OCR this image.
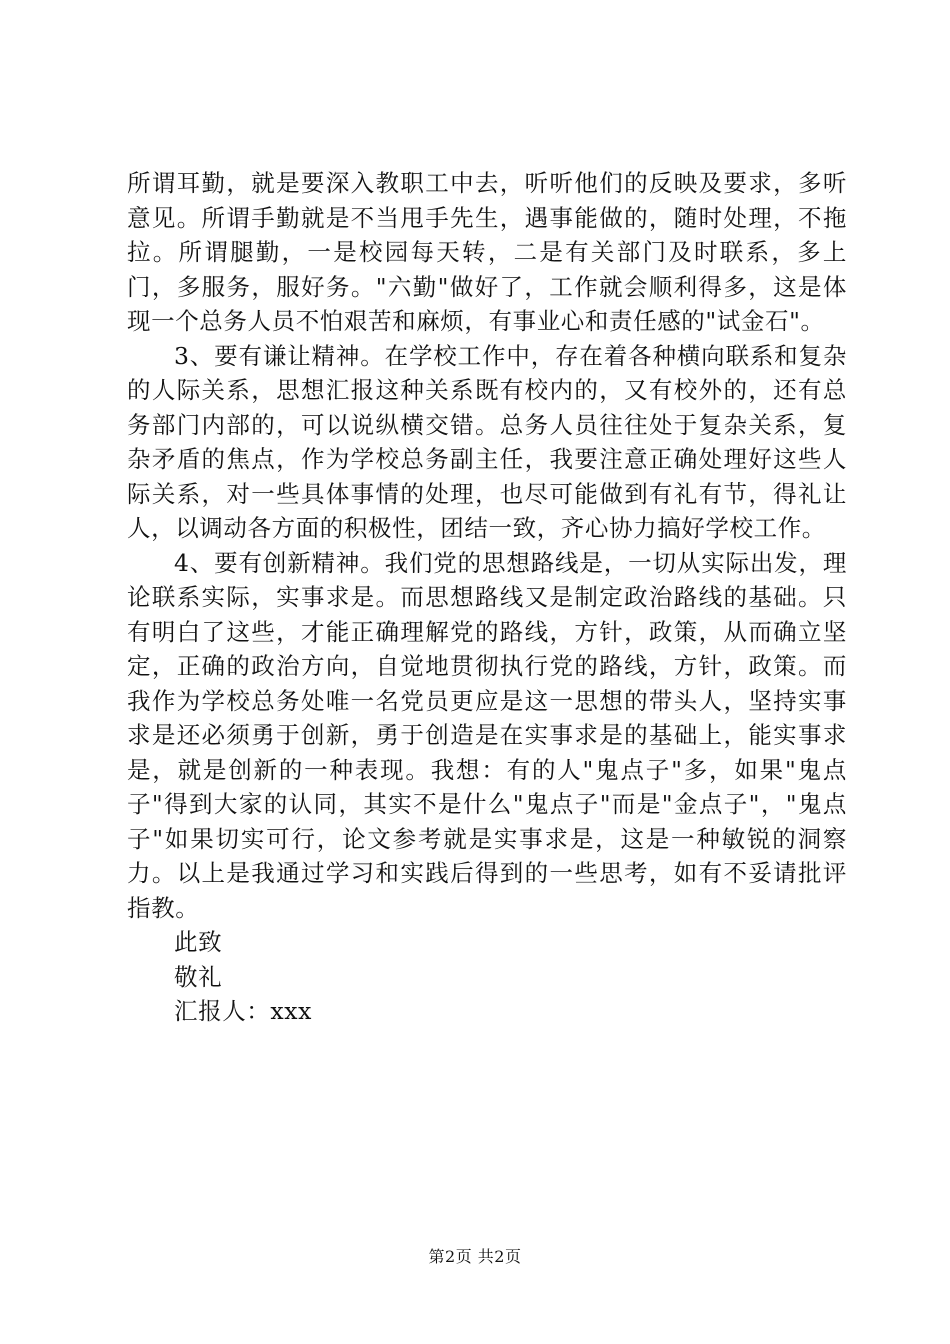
所谓耳勤，就是要深入教职工中去，听听他们的反映及要求，多听意见。所谓手勤就是不当甩手先生，遇事能做的，随时处理，不拖拉。所谓腿勤，一是校园每天转，二是有关部门及时联系，多上门，多服务，服好务。"六勤"做好了，工作就会顺利得多，这是体现一个总务人员不怕艰苦和麻烦，有事业心和责任感的"试金石"。

3、要有谦让精神。在学校工作中，存在着各种横向联系和复杂的人际关系，思想汇报这种关系既有校内的，又有校外的，还有总务部门内部的，可以说纵横交错。总务人员往往处于复杂关系，复杂矛盾的焦点，作为学校总务副主任，我要注意正确处理好这些人际关系，对一些具体事情的处理，也尽可能做到有礼有节，得礼让人，以调动各方面的积极性，团结一致，齐心协力搞好学校工作。

4、要有创新精神。我们党的思想路线是，一切从实际出发，理论联系实际，实事求是。而思想路线又是制定政治路线的基础。只有明白了这些，才能正确理解党的路线，方针，政策，从而确立坚定，正确的政治方向，自觉地贯彻执行党的路线，方针，政策。而我作为学校总务处唯一名党员更应是这一思想的带头人，坚持实事求是还必须勇于创新，勇于创造是在实事求是的基础上，能实事求是，就是创新的一种表现。我想：有的人"鬼点子"多，如果"鬼点子"得到大家的认同，其实不是什么"鬼点子"而是"金点子"，"鬼点子"如果切实可行，论文参考就是实事求是，这是一种敏锐的洞察力。以上是我通过学习和实践后得到的一些思考，如有不妥请批评指教。

此致

敬礼

汇报人：xxx

第2页 共2页
